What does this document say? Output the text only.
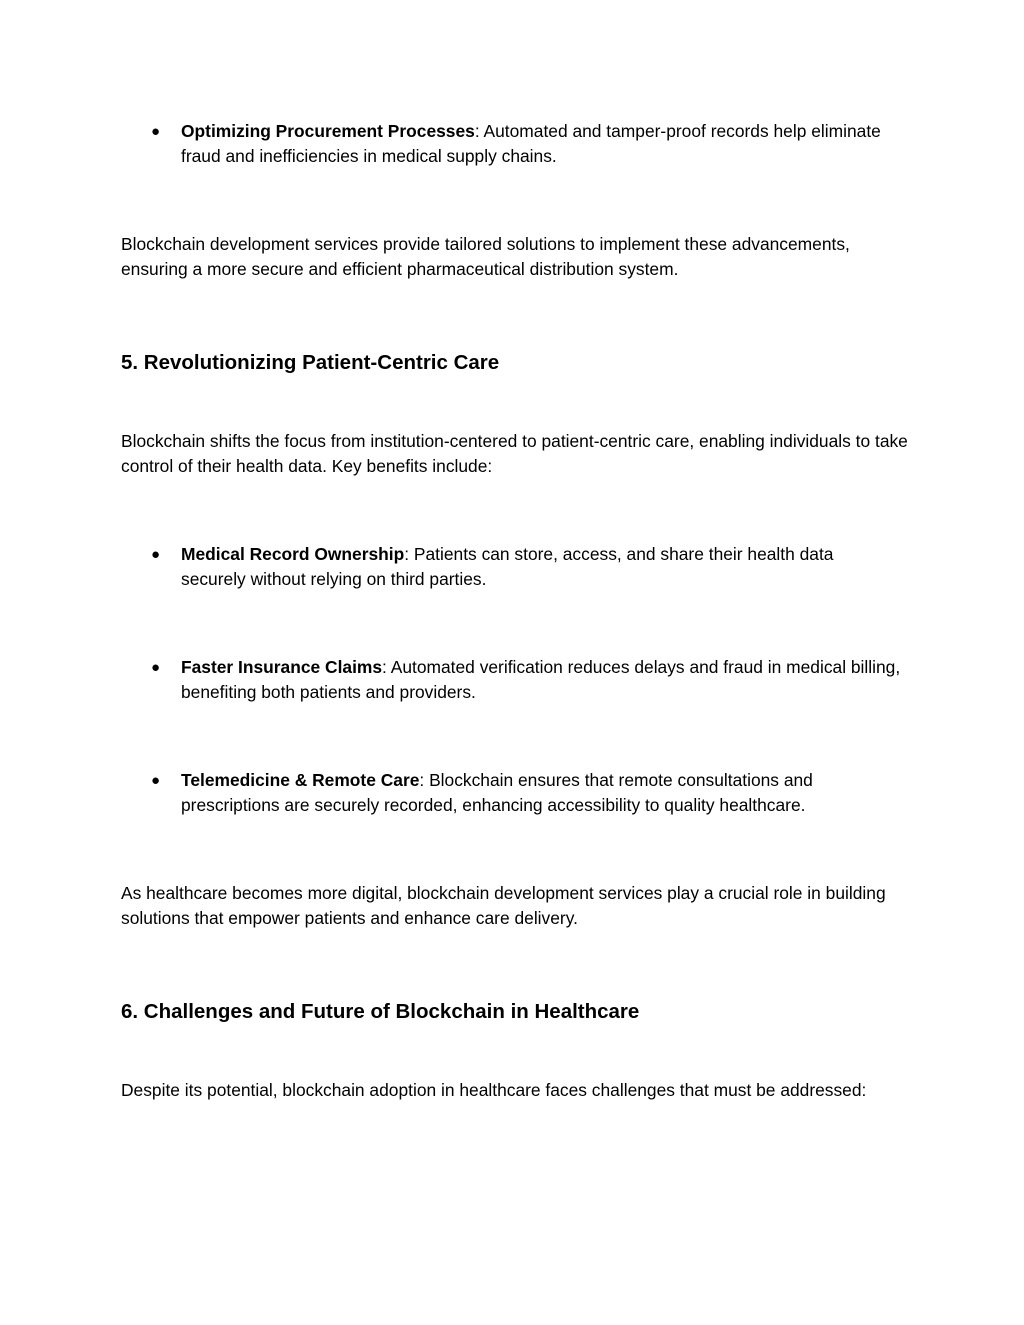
●	Optimizing Procurement Processes: Automated and tamper-proof records help eliminate fraud and inefficiencies in medical supply chains.

Blockchain development services provide tailored solutions to implement these advancements, ensuring a more secure and efficient pharmaceutical distribution system.

5. Revolutionizing Patient-Centric Care

Blockchain shifts the focus from institution-centered to patient-centric care, enabling individuals to take control of their health data. Key benefits include:

●	Medical Record Ownership: Patients can store, access, and share their health data securely without relying on third parties.
●	Faster Insurance Claims: Automated verification reduces delays and fraud in medical billing, benefiting both patients and providers.
●	Telemedicine & Remote Care: Blockchain ensures that remote consultations and prescriptions are securely recorded, enhancing accessibility to quality healthcare.

As healthcare becomes more digital, blockchain development services play a crucial role in building solutions that empower patients and enhance care delivery.

6. Challenges and Future of Blockchain in Healthcare

Despite its potential, blockchain adoption in healthcare faces challenges that must be addressed:
